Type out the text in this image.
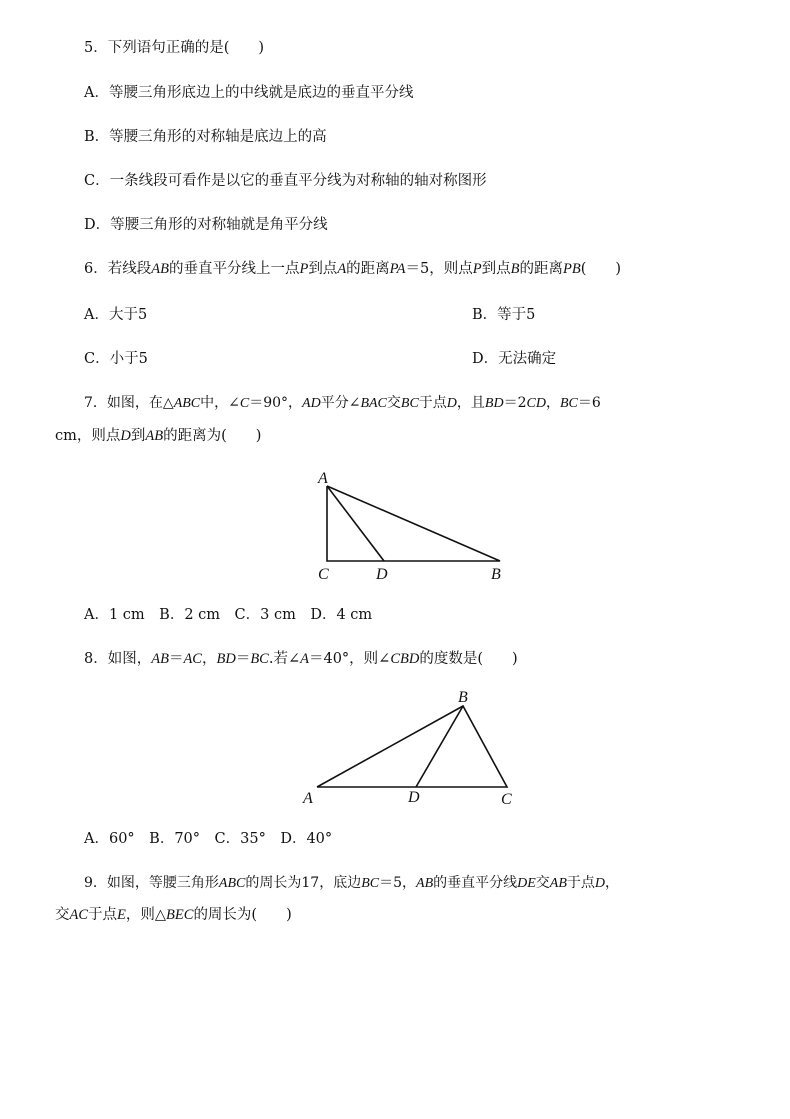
5．下列语句正确的是(　　)
A．等腰三角形底边上的中线就是底边的垂直平分线
B．等腰三角形的对称轴是底边上的高
C．一条线段可看作是以它的垂直平分线为对称轴的轴对称图形
D．等腰三角形的对称轴就是角平分线
6．若线段AB的垂直平分线上一点P到点A的距离PA＝5，则点P到点B的距离PB(　　)
A．大于5	B．等于5
C．小于5	D．无法确定
7．如图，在△ABC中，∠C＝90°，AD平分∠BAC交BC于点D，且BD＝2CD，BC＝6
cm，则点D到AB的距离为(　　)
A
C	D	B
B
A	D	C
A．1 cm　B．2 cm　C．3 cm　D．4 cm
8．如图，AB＝AC，BD＝BC.若∠A＝40°，则∠CBD的度数是(　　)
A．60°　B．70°　C．35°　D．40°
9．如图，等腰三角形ABC的周长为17，底边BC＝5，AB的垂直平分线DE交AB于点D，
交AC于点E，则△BEC的周长为(　　)
